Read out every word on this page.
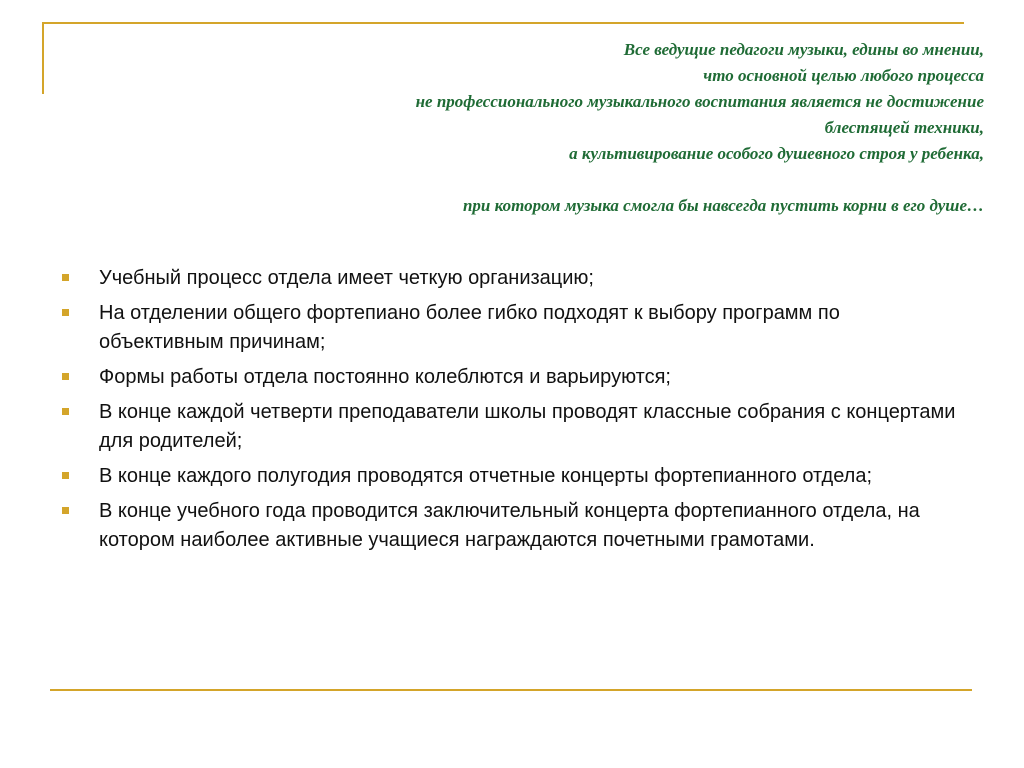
Все ведущие педагоги музыки, едины во мнении,
что основной целью любого процесса
не профессионального музыкального воспитания является не достижение
блестящей техники,
а культивирование особого душевного строя у ребенка,
при котором музыка смогла бы навсегда пустить корни в его душе…
Учебный процесс отдела имеет четкую организацию;
На отделении общего фортепиано более гибко подходят к выбору программ по объективным причинам;
Формы работы отдела постоянно колеблются и варьируются;
В конце каждой четверти преподаватели школы проводят классные собрания с концертами для родителей;
В конце каждого полугодия проводятся отчетные концерты фортепианного отдела;
В конце учебного года проводится заключительный концерта фортепианного отдела, на котором наиболее активные учащиеся награждаются почетными грамотами.
